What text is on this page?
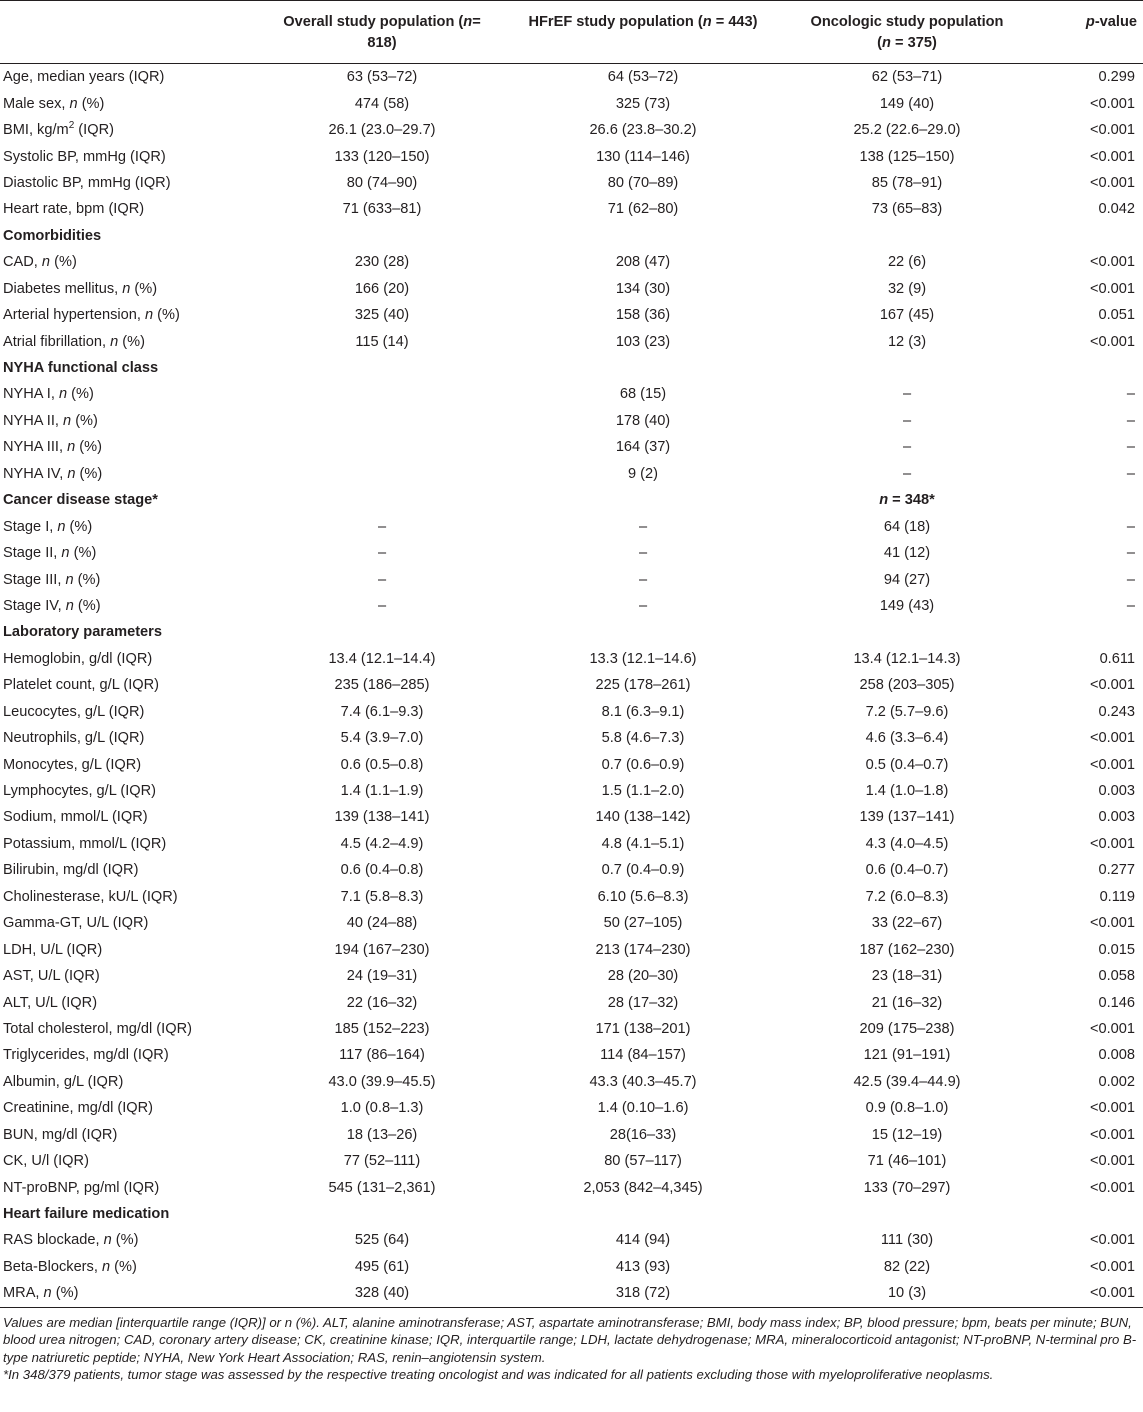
	Overall study population (n= 818)	HFrEF study population (n = 443)	Oncologic study population (n = 375)	p-value
Age, median years (IQR)	63 (53–72)	64 (53–72)	62 (53–71)	0.299
Male sex, n (%)	474 (58)	325 (73)	149 (40)	<0.001
BMI, $kg/m^2$ (IQR)	26.1 (23.0–29.7)	26.6 (23.8–30.2)	25.2 (22.6–29.0)	<0.001
Systolic BP, mmHg (IQR)	133 (120–150)	130 (114–146)	138 (125–150)	<0.001
Diastolic BP, mmHg (IQR)	80 (74–90)	80 (70–89)	85 (78–91)	<0.001
Heart rate, bpm (IQR)	71 (633–81)	71 (62–80)	73 (65–83)	0.042
Comorbidities				
CAD, n (%)	230 (28)	208 (47)	22 (6)	<0.001
Diabetes mellitus, n (%)	166 (20)	134 (30)	32 (9)	<0.001
Arterial hypertension, n (%)	325 (40)	158 (36)	167 (45)	0.051
Atrial fibrillation, n (%)	115 (14)	103 (23)	12 (3)	<0.001
NYHA functional class				
NYHA I, n (%)		68 (15)	–	–
NYHA II, n (%)		178 (40)	–	–
NYHA III, n (%)		164 (37)	–	–
NYHA IV, n (%)		9 (2)	–	–
Cancer disease stage*			n = 348*	
Stage I, n (%)	–	–	64 (18)	–
Stage II, n (%)	–	–	41 (12)	–
Stage III, n (%)	–	–	94 (27)	–
Stage IV, n (%)	–	–	149 (43)	–
Laboratory parameters				
Hemoglobin, g/dl (IQR)	13.4 (12.1–14.4)	13.3 (12.1–14.6)	13.4 (12.1–14.3)	0.611
Platelet count, g/L (IQR)	235 (186–285)	225 (178–261)	258 (203–305)	<0.001
Leucocytes, g/L (IQR)	7.4 (6.1–9.3)	8.1 (6.3–9.1)	7.2 (5.7–9.6)	0.243
Neutrophils, g/L (IQR)	5.4 (3.9–7.0)	5.8 (4.6–7.3)	4.6 (3.3–6.4)	<0.001
Monocytes, g/L (IQR)	0.6 (0.5–0.8)	0.7 (0.6–0.9)	0.5 (0.4–0.7)	<0.001
Lymphocytes, g/L (IQR)	1.4 (1.1–1.9)	1.5 (1.1–2.0)	1.4 (1.0–1.8)	0.003
Sodium, mmol/L (IQR)	139 (138–141)	140 (138–142)	139 (137–141)	0.003
Potassium, mmol/L (IQR)	4.5 (4.2–4.9)	4.8 (4.1–5.1)	4.3 (4.0–4.5)	<0.001
Bilirubin, mg/dl (IQR)	0.6 (0.4–0.8)	0.7 (0.4–0.9)	0.6 (0.4–0.7)	0.277
Cholinesterase, kU/L (IQR)	7.1 (5.8–8.3)	6.10 (5.6–8.3)	7.2 (6.0–8.3)	0.119
Gamma-GT, U/L (IQR)	40 (24–88)	50 (27–105)	33 (22–67)	<0.001
LDH, U/L (IQR)	194 (167–230)	213 (174–230)	187 (162–230)	0.015
AST, U/L (IQR)	24 (19–31)	28 (20–30)	23 (18–31)	0.058
ALT, U/L (IQR)	22 (16–32)	28 (17–32)	21 (16–32)	0.146
Total cholesterol, mg/dl (IQR)	185 (152–223)	171 (138–201)	209 (175–238)	<0.001
Triglycerides, mg/dl (IQR)	117 (86–164)	114 (84–157)	121 (91–191)	0.008
Albumin, g/L (IQR)	43.0 (39.9–45.5)	43.3 (40.3–45.7)	42.5 (39.4–44.9)	0.002
Creatinine, mg/dl (IQR)	1.0 (0.8–1.3)	1.4 (0.10–1.6)	0.9 (0.8–1.0)	<0.001
BUN, mg/dl (IQR)	18 (13–26)	28(16–33)	15 (12–19)	<0.001
CK, U/l (IQR)	77 (52–111)	80 (57–117)	71 (46–101)	<0.001
NT-proBNP, pg/ml (IQR)	545 (131–2,361)	2,053 (842–4,345)	133 (70–297)	<0.001
Heart failure medication				
RAS blockade, n (%)	525 (64)	414 (94)	111 (30)	<0.001
Beta-Blockers, n (%)	495 (61)	413 (93)	82 (22)	<0.001
MRA, n (%)	328 (40)	318 (72)	10 (3)	<0.001

Values are median [interquartile range (IQR)] or n (%). ALT, alanine aminotransferase; AST, aspartate aminotransferase; BMI, body mass index; BP, blood pressure; bpm, beats per minute; BUN, blood urea nitrogen; CAD, coronary artery disease; CK, creatinine kinase; IQR, interquartile range; LDH, lactate dehydrogenase; MRA, mineralocorticoid antagonist; NT-proBNP, N-terminal pro B-type natriuretic peptide; NYHA, New York Heart Association; RAS, renin–angiotensin system.

*In 348/379 patients, tumor stage was assessed by the respective treating oncologist and was indicated for all patients excluding those with myeloproliferative neoplasms.
